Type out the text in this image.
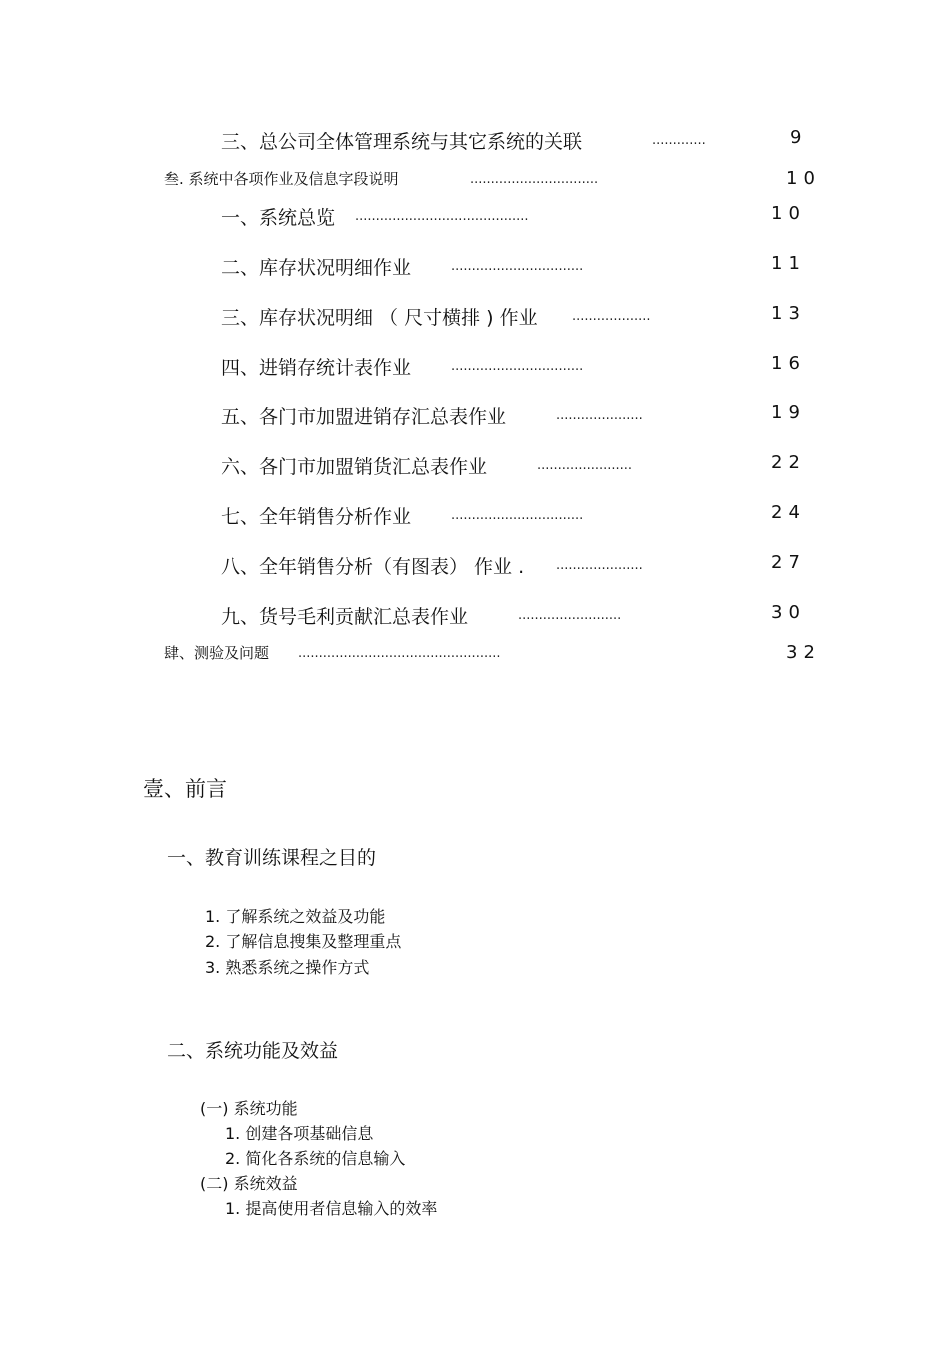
三、总公司全体管理系统与其它系统的关联	.............	9
叁. 系统中各项作业及信息字段说明	...............................	10
一、系统总览 ..........................................	10
二、库存状况明细作业	................................	11
三、库存状况明细 （ 尺寸横排 ) 作业	...................	13
四、进销存统计表作业	................................	16
五、各门市加盟进销存汇总表作业	.....................	19
六、各门市加盟销货汇总表作业	.......................	22
七、全年销售分析作业	................................	24
八、全年销售分析（有图表） 作业 . .....................	27
九、货号毛利贡献汇总表作业	.........................	30
肆、测验及问题 .................................................	32
壹、前言
一、教育训练课程之目的
1. 了解系统之效益及功能
2. 了解信息搜集及整理重点
3. 熟悉系统之操作方式
二、系统功能及效益
(一) 系统功能
1. 创建各项基础信息
2. 简化各系统的信息输入
(二) 系统效益
1. 提高使用者信息输入的效率
